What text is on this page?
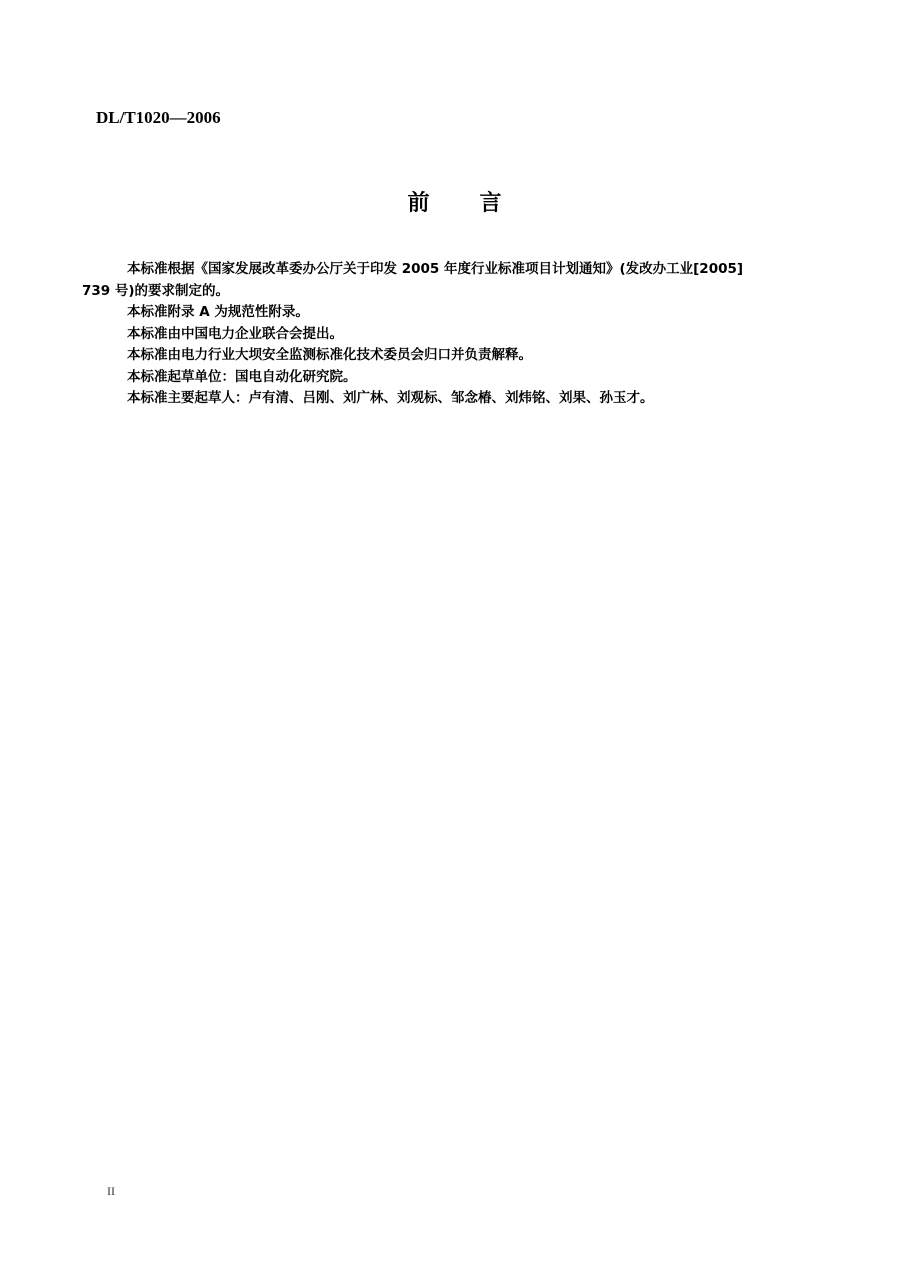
DL/T1020—2006
前 言
本标准根据《国家发展改革委办公厅关于印发 2005 年度行业标准项目计划通知》(发改办工业[2005]
739 号)的要求制定的。

本标准附录 A 为规范性附录。

本标准由中国电力企业联合会提出。

本标准由电力行业大坝安全监测标准化技术委员会归口并负责解释。

本标准起草单位：国电自动化研究院。

本标准主要起草人：卢有清、吕刚、刘广林、刘观标、邹念椿、刘炜铭、刘果、孙玉才。

II
